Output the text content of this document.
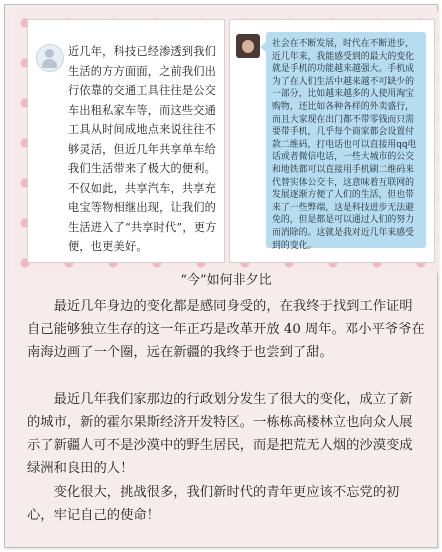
近几年，科技已经渗透到我们生活的方方面面，之前我们出行依靠的交通工具往往是公交车出租私家车等，而这些交通工具从时间成地点来说往往不够灵活，但近几年共享单车给我们生活带来了极大的便利。不仅如此，共享汽车，共享充电宝等物相继出现，让我们的生活进入了“共享时代”，更方便，也更美好。
社会在不断发展，时代在不断进步，近几年来，我能感受到的最大的变化就是手机的功能越来越强大。手机成为了在人们生活中越来越不可缺少的一部分，比如越来越多的人使用淘宝购物，还比如各种各样的外卖盛行，而且大家现在出门都不带零钱而只需要带手机，几乎每个商家都会设置付款二维码，打电话也可以直接用qq电话或者微信电话，一些大城市的公交和地铁都可以直接用手机刷二维码来代替实体公交卡，这意味着互联网的发展逐渐方便了人们的生活，但也带来了一些弊端，这是科技进步无法避免的，但是都是可以通过人们的努力而消除的。这就是我对近几年来感受到的变化。
“今”如何非夕比
最近几年身边的变化都是感同身受的，在我终于找到工作证明自己能够独立生存的这一年正巧是改革开放 40 周年。邓小平爷爷在南海边画了一个圈，远在新疆的我终于也尝到了甜。
最近几年我们家那边的行政划分发生了很大的变化，成立了新的城市，新的霍尔果斯经济开发特区。一栋栋高楼林立也向众人展示了新疆人可不是沙漠中的野生居民，而是把荒无人烟的沙漠变成绿洲和良田的人！
变化很大，挑战很多，我们新时代的青年更应该不忘党的初心，牢记自己的使命！
